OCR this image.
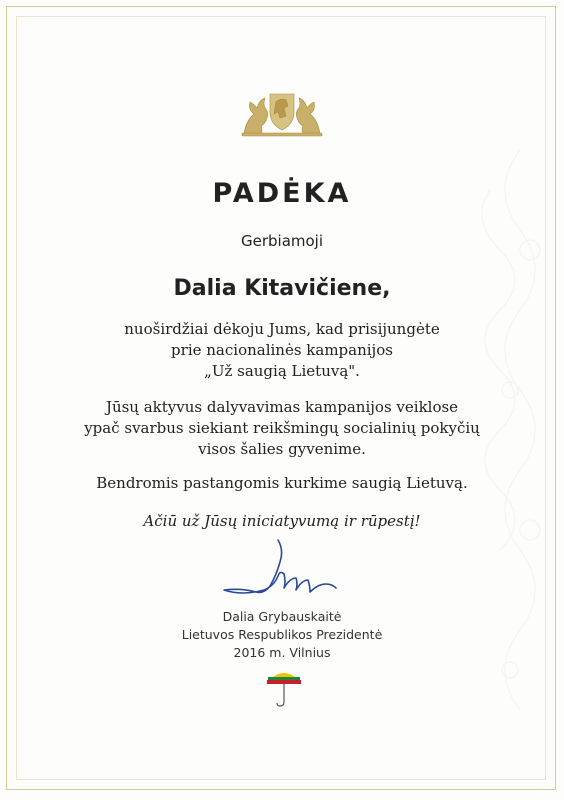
PADĖKA
Gerbiamoji
Dalia Kitavičiene,
nuoširdžiai dėkoju Jums, kad prisijungėte
prie nacionalinės kampanijos
„Už saugią Lietuvą".
Jūsų aktyvus dalyvavimas kampanijos veiklose
ypač svarbus siekiant reikšmingų socialinių pokyčių
visos šalies gyvenime.
Bendromis pastangomis kurkime saugią Lietuvą.
Ačiū už Jūsų iniciatyvumą ir rūpestį!
Dalia Grybauskaitė
Lietuvos Respublikos Prezidentė
2016 m. Vilnius
